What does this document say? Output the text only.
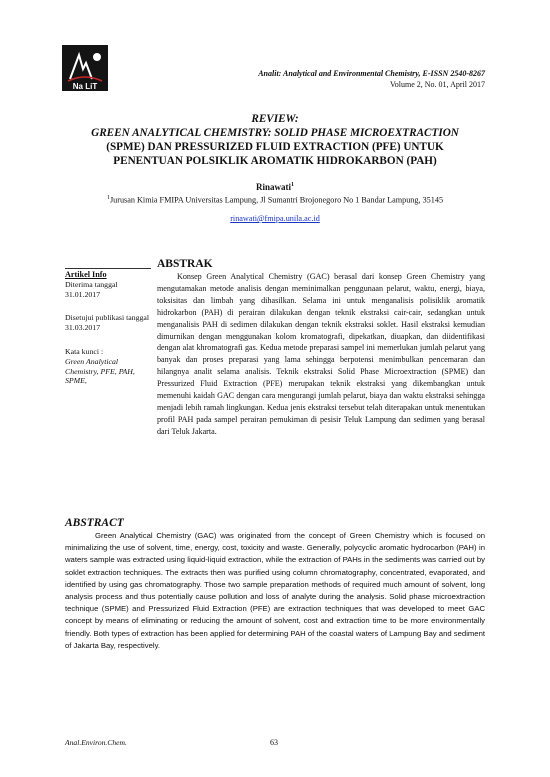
Na LiT
Analit: Analytical and Environmental Chemistry, E-ISSN 2540-8267
Volume 2, No. 01, April 2017
REVIEW:
GREEN ANALYTICAL CHEMISTRY: SOLID PHASE MICROEXTRACTION
(SPME) DAN PRESSURIZED FLUID EXTRACTION (PFE) UNTUK
PENENTUAN POLSIKLIK AROMATIK HIDROKARBON (PAH)
Rinawati$^1$
$^1$Jurusan Kimia FMIPA Universitas Lampung, Jl Sumantri Brojonegoro No 1 Bandar Lampung, 35145
rinawati@fmipa.unila.ac.id
Artikel Info
Diterima tanggal
31.01.2017
Disetujui publikasi tanggal
31.03.2017
Kata kunci :
Green Analytical Chemistry, PFE, PAH, SPME,
ABSTRAK

Konsep Green Analytical Chemistry (GAC) berasal dari konsep Green Chemistry yang mengutamakan metode analisis dengan meminimalkan penggunaan pelarut, waktu, energi, biaya, toksisitas dan limbah yang dihasilkan. Selama ini untuk menganalisis polisiklik aromatik hidrokarbon (PAH) di perairan dilakukan dengan teknik ekstraksi cair-cair, sedangkan untuk menganalisis PAH di sedimen dilakukan dengan teknik ekstraksi soklet. Hasil ekstraksi kemudian dimurnikan dengan menggunakan kolom kromatografi, dipekatkan, diuapkan, dan diidentifikasi dengan alat khromatografi gas. Kedua metode preparasi sampel ini memerlukan jumlah pelarut yang banyak dan proses preparasi yang lama sehingga berpotensi menimbulkan pencemaran dan hilangnya analit selama analisis. Teknik ekstraksi Solid Phase Microextraction (SPME) dan Pressurized Fluid Extraction (PFE) merupakan teknik ekstraksi yang dikembangkan untuk memenuhi kaidah GAC dengan cara mengurangi jumlah pelarut, biaya dan waktu ekstraksi sehingga menjadi lebih ramah lingkungan. Kedua jenis ekstraksi tersebut telah diterapakan untuk menentukan profil PAH pada sampel perairan pemukiman di pesisir Teluk Lampung dan sedimen yang berasal dari Teluk Jakarta.

ABSTRACT

Green Analytical Chemistry (GAC) was originated from the concept of Green Chemistry which is focused on minimalizing the use of solvent, time, energy, cost, toxicity and waste. Generally, polycyclic aromatic hydrocarbon (PAH) in waters sample was extracted using liquid-liquid extraction, while the extraction of PAHs in the sediments was carried out by soklet extraction techniques. The extracts then was purified using column chromatography, concentrated, evaporated, and identified by using gas chromatography. Those two sample preparation methods of required much amount of solvent, long analysis process and thus potentially cause pollution and loss of analyte during the analysis. Solid phase microextraction technique (SPME) and Pressurized Fluid Extraction (PFE) are extraction techniques that was developed to meet GAC concept by means of eliminating or reducing the amount of solvent, cost and extraction time to be more environmentally friendly. Both types of extraction has been applied for determining PAH of the coastal waters of Lampung Bay and sediment of Jakarta Bay, respectively.

Anal.Environ.Chem.	63
